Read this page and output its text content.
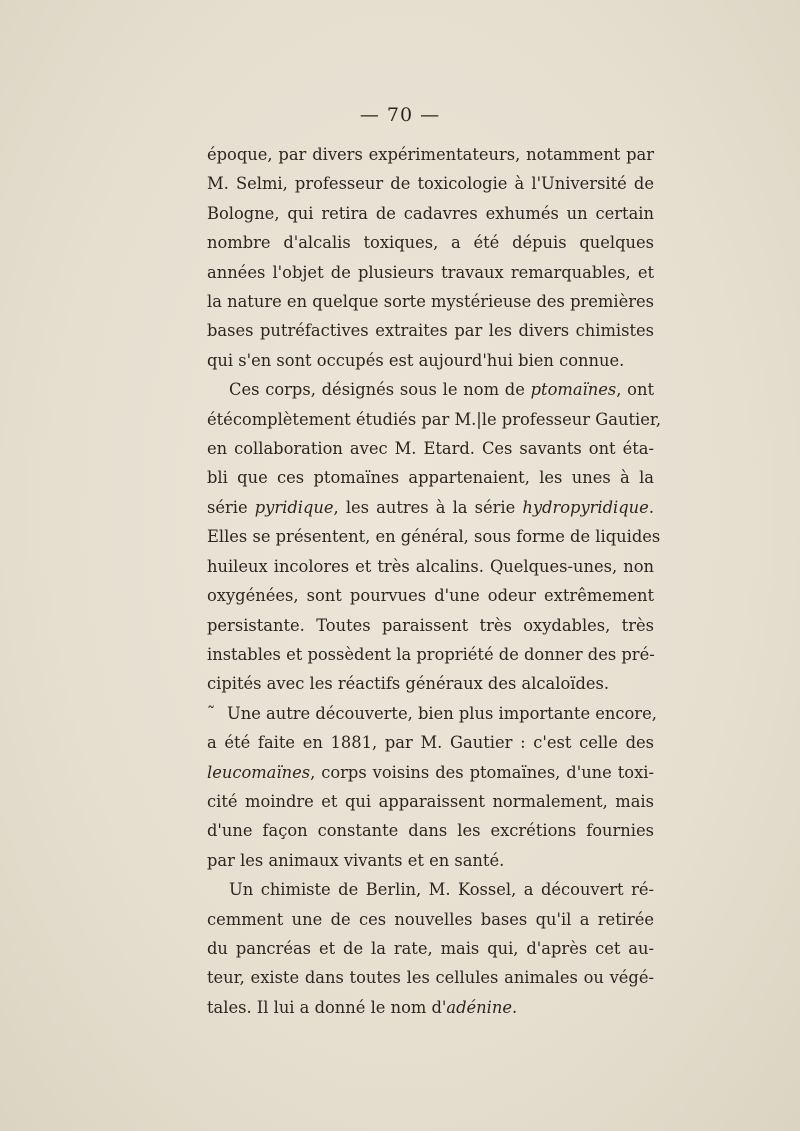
— 70 —
époque, par divers expérimentateurs, notamment par
M. Selmi, professeur de toxicologie à l'Université de
Bologne, qui retira de cadavres exhumés un certain
nombre d'alcalis toxiques, a été dépuis quelques
années l'objet de plusieurs travaux remarquables, et
la nature en quelque sorte mystérieuse des premières
bases putréfactives extraites par les divers chimistes
qui s'en sont occupés est aujourd'hui bien connue.
Ces corps, désignés sous le nom de ptomaïnes, ont
étécomplètement étudiés par M.|le professeur Gautier,
en collaboration avec M. Etard. Ces savants ont éta-
bli que ces ptomaïnes appartenaient, les unes à la
série pyridique, les autres à la série hydropyridique.
Elles se présentent, en général, sous forme de liquides
huileux incolores et très alcalins. Quelques-unes, non
oxygénées, sont pourvues d'une odeur extrêmement
persistante. Toutes paraissent très oxydables, très
instables et possèdent la propriété de donner des pré-
cipités avec les réactifs généraux des alcaloïdes.
˜ Une autre découverte, bien plus importante encore,
a été faite en 1881, par M. Gautier : c'est celle des
leucomaïnes, corps voisins des ptomaïnes, d'une toxi-
cité moindre et qui apparaissent normalement, mais
d'une façon constante dans les excrétions fournies
par les animaux vivants et en santé.
Un chimiste de Berlin, M. Kossel, a découvert ré-
cemment une de ces nouvelles bases qu'il a retirée
du pancréas et de la rate, mais qui, d'après cet au-
teur, existe dans toutes les cellules animales ou végé-
tales. Il lui a donné le nom d'adénine.
